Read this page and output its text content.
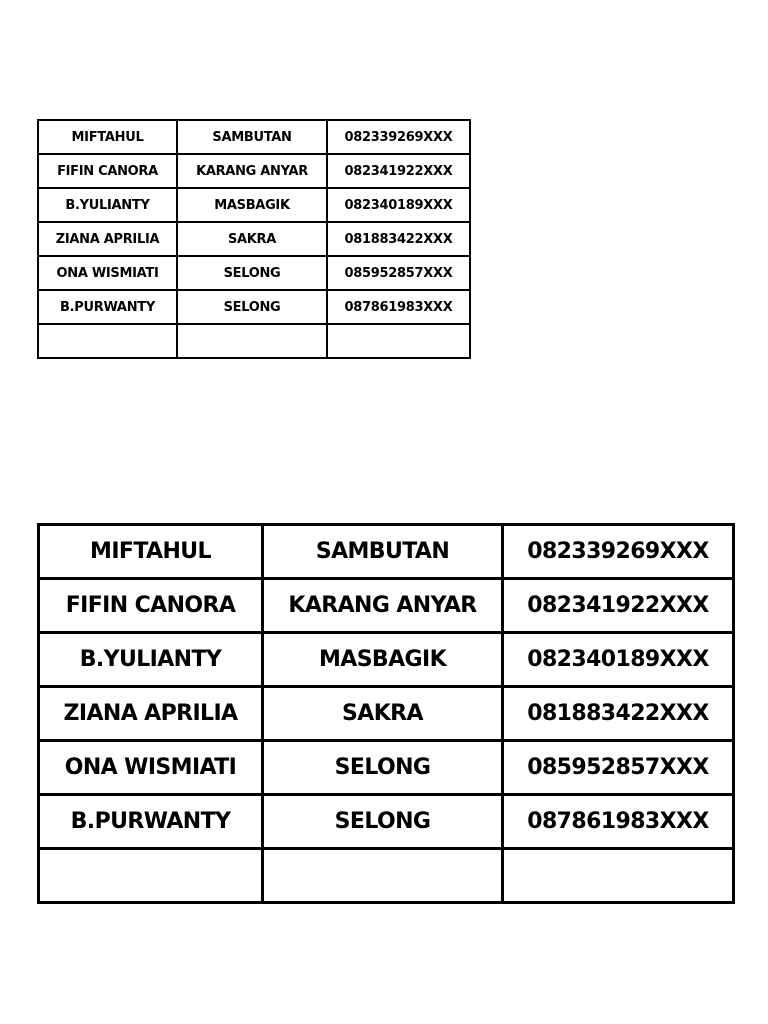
MIFTAHUL	SAMBUTAN	082339269XXX
FIFIN CANORA	KARANG ANYAR	082341922XXX
B.YULIANTY	MASBAGIK	082340189XXX
ZIANA APRILIA	SAKRA	081883422XXX
ONA WISMIATI	SELONG	085952857XXX
B.PURWANTY	SELONG	087861983XXX

MIFTAHUL	SAMBUTAN	082339269XXX
FIFIN CANORA	KARANG ANYAR	082341922XXX
B.YULIANTY	MASBAGIK	082340189XXX
ZIANA APRILIA	SAKRA	081883422XXX
ONA WISMIATI	SELONG	085952857XXX
B.PURWANTY	SELONG	087861983XXX
